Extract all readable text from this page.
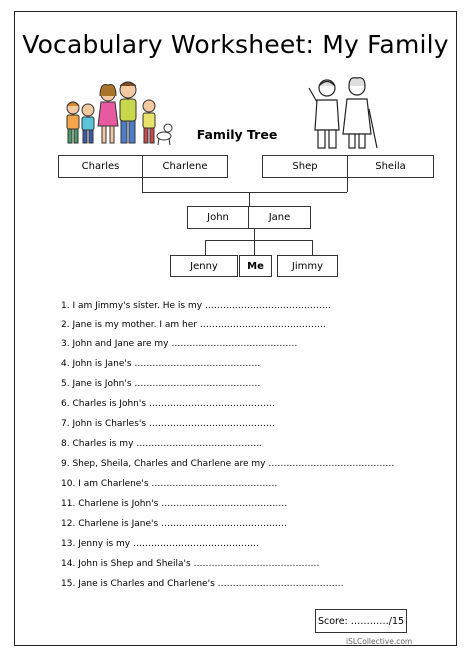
Vocabulary Worksheet: My Family
Family Tree
Charles	Charlene	Shep	Sheila
John	Jane
Jenny	Me	Jimmy
1. I am Jimmy's sister. He is my ……………………………………
2. Jane is my mother. I am her ……………………………………
3. John and Jane are my ……………………………………
4. John is Jane's ……………………………………
5. Jane is John's ……………………………………
6. Charles is John's ……………………………………
7. John is Charles's ……………………………………
8. Charles is my ……………………………………
9. Shep, Sheila, Charles and Charlene are my ……………………………………
10. I am Charlene's ……………………………………
11. Charlene is John's ……………………………………
12. Charlene is Jane's ……………………………………
13. Jenny is my ……………………………………
14. John is Shep and Sheila's ……………………………………
15. Jane is Charles and Charlene's ……………………………………
Score: …………/15
iSLCollective.com
